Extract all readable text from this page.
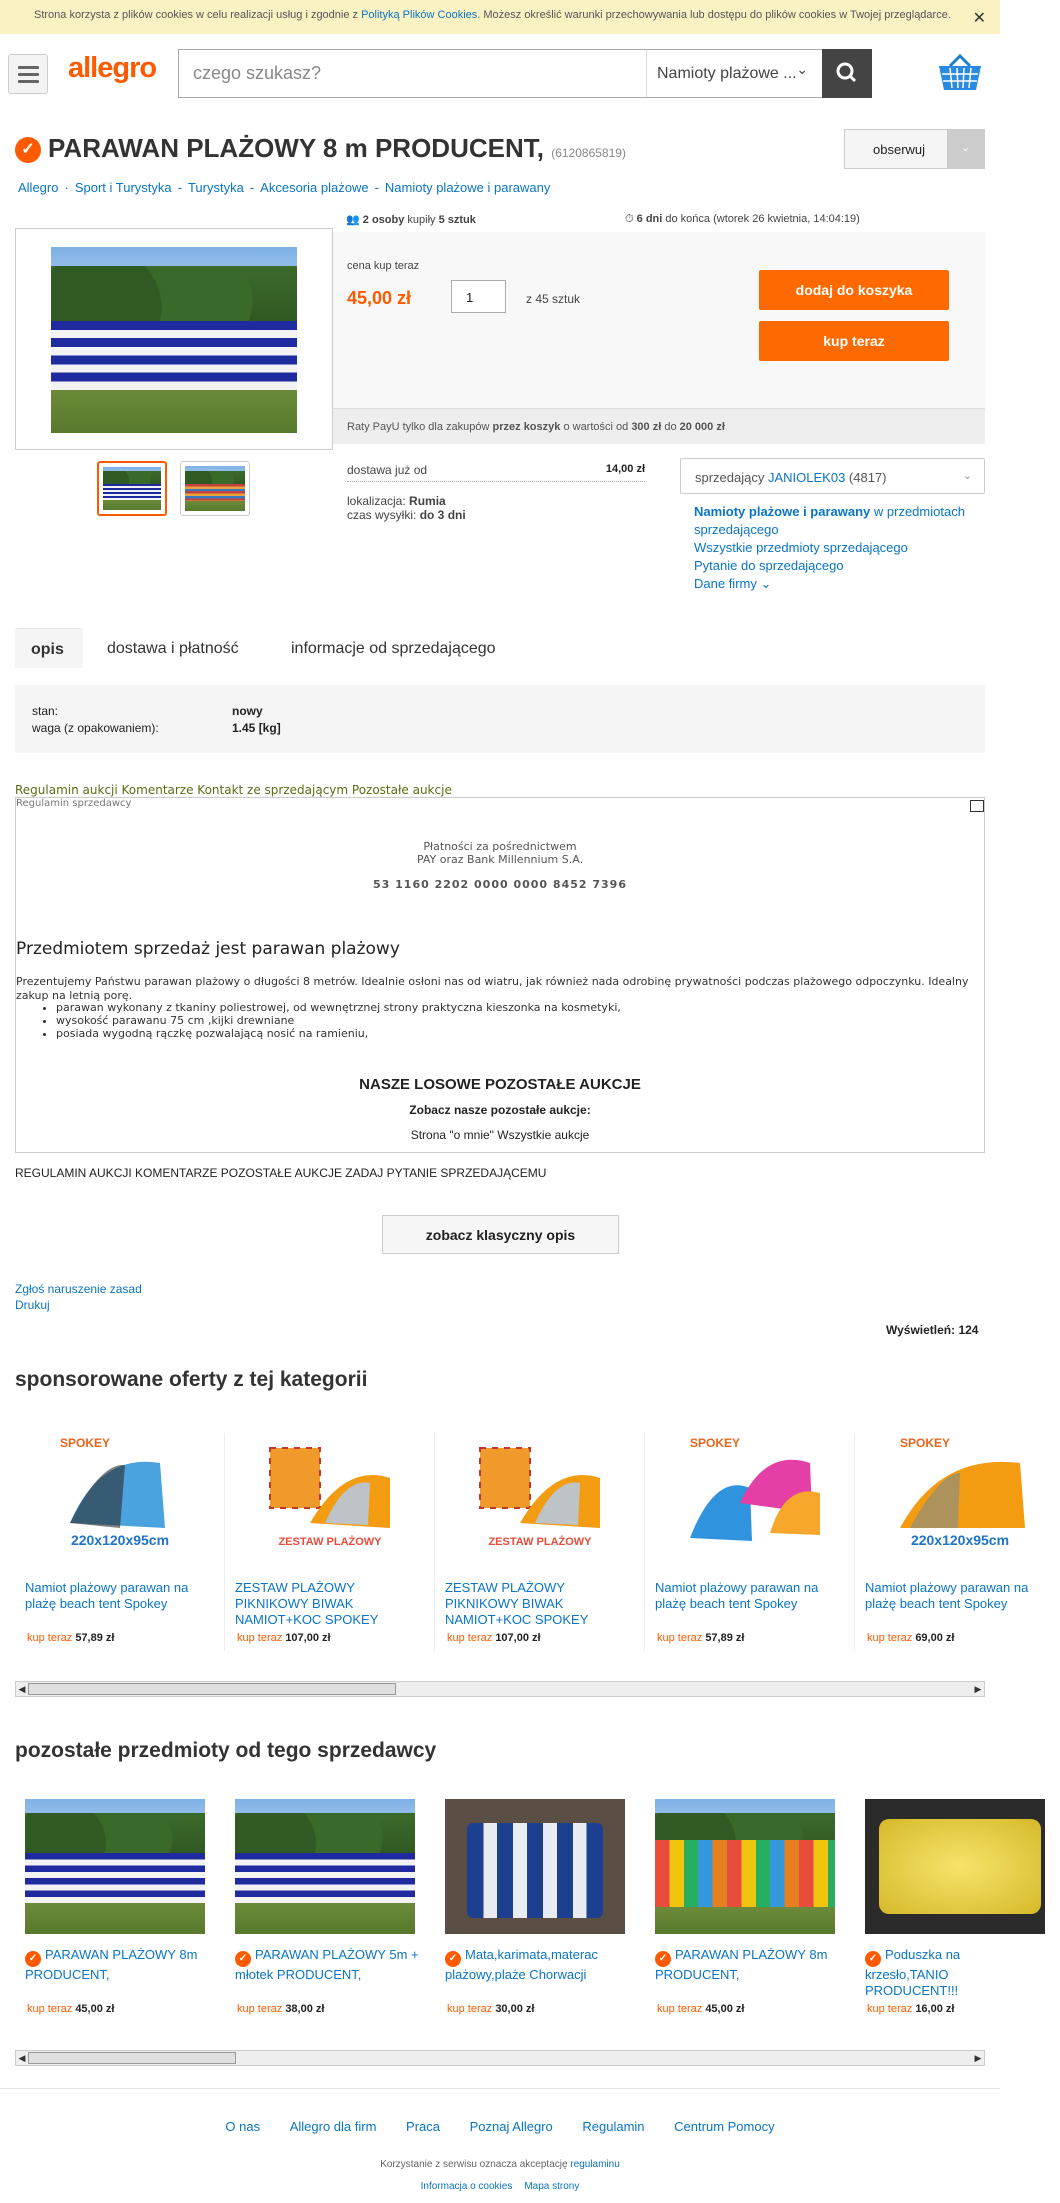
Strona korzysta z plików cookies w celu realizacji usług i zgodnie z Polityką Plików Cookies. Możesz określić warunki przechowywania lub dostępu do plików cookies w Twojej przeglądarce. ✕
allegro czego szukasz?	Namioty plażowe ... ⌄
✓ PARAWAN PLAŻOWY 8 m PRODUCENT, (6120865819)	obserwuj	⌄
Allegro · Sport i Turystyka - Turystyka - Akcesoria plażowe - Namioty plażowe i parawany
👥 2 osoby kupiły 5 sztuk	⏱ 6 dni do końca (wtorek 26 kwietnia, 14:04:19)
cena kup teraz
45,00 zł	1	z 45 sztuk
dodaj do koszyka
kup teraz
Raty PayU tylko dla zakupów przez koszyk o wartości od 300 zł do 20 000 zł
dostawa już od	14,00 zł
lokalizacja: Rumia
czas wysyłki: do 3 dni
sprzedający JANIOLEK03 (4817)	⌄
Namioty plażowe i parawany w przedmiotach sprzedającego
Wszystkie przedmioty sprzedającego
Pytanie do sprzedającego
Dane firmy ⌄
opis	dostawa i płatność	informacje od sprzedającego
stan:	nowy
waga (z opakowaniem):	1.45 [kg]
Regulamin aukcji Komentarze Kontakt ze sprzedającym Pozostałe aukcje
Regulamin sprzedawcy
Płatności za pośrednictwem
PAY oraz Bank Millennium S.A.
53 1160 2202 0000 0000 8452 7396
Przedmiotem sprzedaż jest parawan plażowy
Prezentujemy Państwu parawan plażowy o długości 8 metrów. Idealnie osłoni nas od wiatru, jak również nada odrobinę prywatności podczas plażowego odpoczynku. Idealny zakup na letnią porę.
• parawan wykonany z tkaniny poliestrowej, od wewnętrznej strony praktyczna kieszonka na kosmetyki,
• wysokość parawanu 75 cm ,kijki drewniane
• posiada wygodną rączkę pozwalającą nosić na ramieniu,
NASZE LOSOWE POZOSTAŁE AUKCJE
Zobacz nasze pozostałe aukcje:
Strona "o mnie" Wszystkie aukcje
REGULAMIN AUKCJI KOMENTARZE POZOSTAŁE AUKCJE ZADAJ PYTANIE SPRZEDAJĄCEMU
zobacz klasyczny opis
Zgłoś naruszenie zasad
Drukuj
Wyświetleń: 124
sponsorowane oferty z tej kategorii
SPOKEY
220x120x95cm
Namiot plażowy parawan na plażę beach tent Spokey
kup teraz 57,89 zł
ZESTAW PLAŻOWY
ZESTAW PLAŻOWY PIKNIKOWY BIWAK NAMIOT+KOC SPOKEY
kup teraz 107,00 zł
ZESTAW PLAŻOWY
ZESTAW PLAŻOWY PIKNIKOWY BIWAK NAMIOT+KOC SPOKEY
kup teraz 107,00 zł
SPOKEY
Namiot plażowy parawan na plażę beach tent Spokey
kup teraz 57,89 zł
SPOKEY
220x120x95cm
Namiot plażowy parawan na plażę beach tent Spokey
kup teraz 69,00 zł
◀	▶
pozostałe przedmioty od tego sprzedawcy
✓ PARAWAN PLAŻOWY 8m PRODUCENT,
kup teraz 45,00 zł
✓ PARAWAN PLAŻOWY 5m + młotek PRODUCENT,
kup teraz 38,00 zł
✓ Mata,karimata,materac plażowy,plaże Chorwacji
kup teraz 30,00 zł
✓ PARAWAN PLAŻOWY 8m PRODUCENT,
kup teraz 45,00 zł
✓ Poduszka na krzesło,TANIO PRODUCENT!!!
kup teraz 16,00 zł
◀	▶
O nas Allegro dla firm Praca Poznaj Allegro Regulamin Centrum Pomocy
Korzystanie z serwisu oznacza akceptację regulaminu
Informacja o cookies Mapa strony
